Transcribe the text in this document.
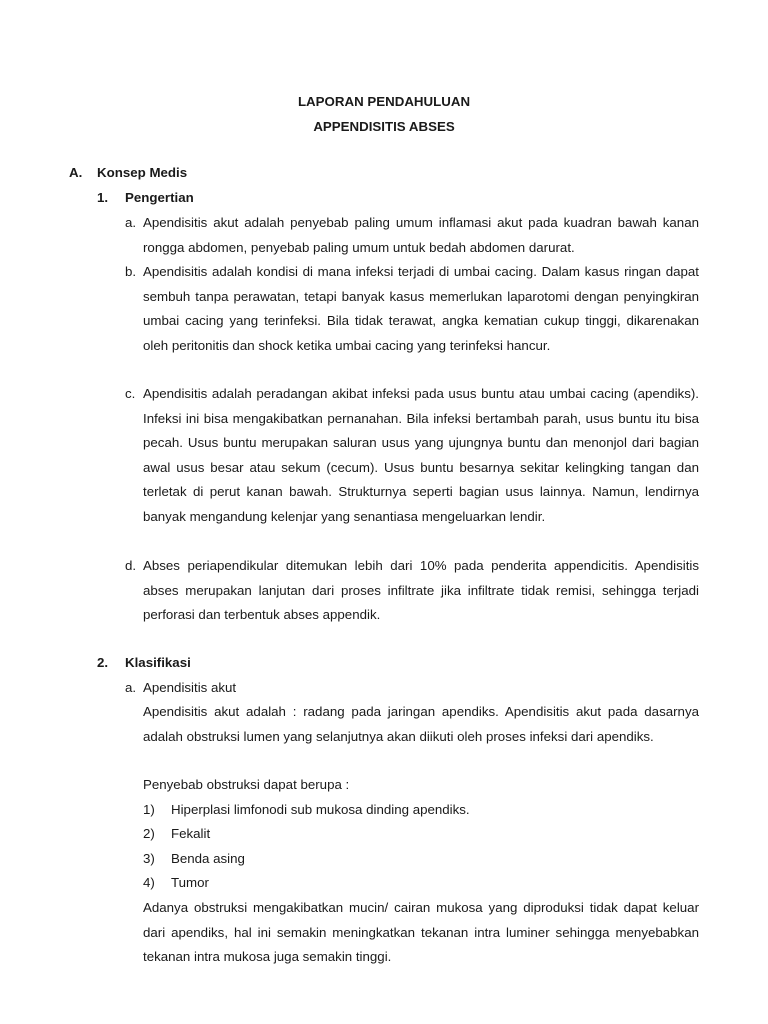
LAPORAN PENDAHULUAN
APPENDISITIS ABSES
A. Konsep Medis
1. Pengertian
a. Apendisitis akut adalah penyebab paling umum inflamasi akut pada kuadran bawah kanan rongga abdomen, penyebab paling umum untuk bedah abdomen darurat.
b. Apendisitis adalah kondisi di mana infeksi terjadi di umbai cacing. Dalam kasus ringan dapat sembuh tanpa perawatan, tetapi banyak kasus memerlukan laparotomi dengan penyingkiran umbai cacing yang terinfeksi. Bila tidak terawat, angka kematian cukup tinggi, dikarenakan oleh peritonitis dan shock ketika umbai cacing yang terinfeksi hancur.
c. Apendisitis adalah peradangan akibat infeksi pada usus buntu atau umbai cacing (apendiks). Infeksi ini bisa mengakibatkan pernanahan. Bila infeksi bertambah parah, usus buntu itu bisa pecah. Usus buntu merupakan saluran usus yang ujungnya buntu dan menonjol dari bagian awal usus besar atau sekum (cecum). Usus buntu besarnya sekitar kelingking tangan dan terletak di perut kanan bawah. Strukturnya seperti bagian usus lainnya. Namun, lendirnya banyak mengandung kelenjar yang senantiasa mengeluarkan lendir.
d. Abses periapendikular ditemukan lebih dari 10% pada penderita appendicitis. Apendisitis abses merupakan lanjutan dari proses infiltrate jika infiltrate tidak remisi, sehingga terjadi perforasi dan terbentuk abses appendik.
2. Klasifikasi
a. Apendisitis akut
Apendisitis akut adalah : radang pada jaringan apendiks. Apendisitis akut pada dasarnya adalah obstruksi lumen yang selanjutnya akan diikuti oleh proses infeksi dari apendiks.
Penyebab obstruksi dapat berupa :
1) Hiperplasi limfonodi sub mukosa dinding apendiks.
2) Fekalit
3) Benda asing
4) Tumor
Adanya obstruksi mengakibatkan mucin/ cairan mukosa yang diproduksi tidak dapat keluar dari apendiks, hal ini semakin meningkatkan tekanan intra luminer sehingga menyebabkan tekanan intra mukosa juga semakin tinggi.
